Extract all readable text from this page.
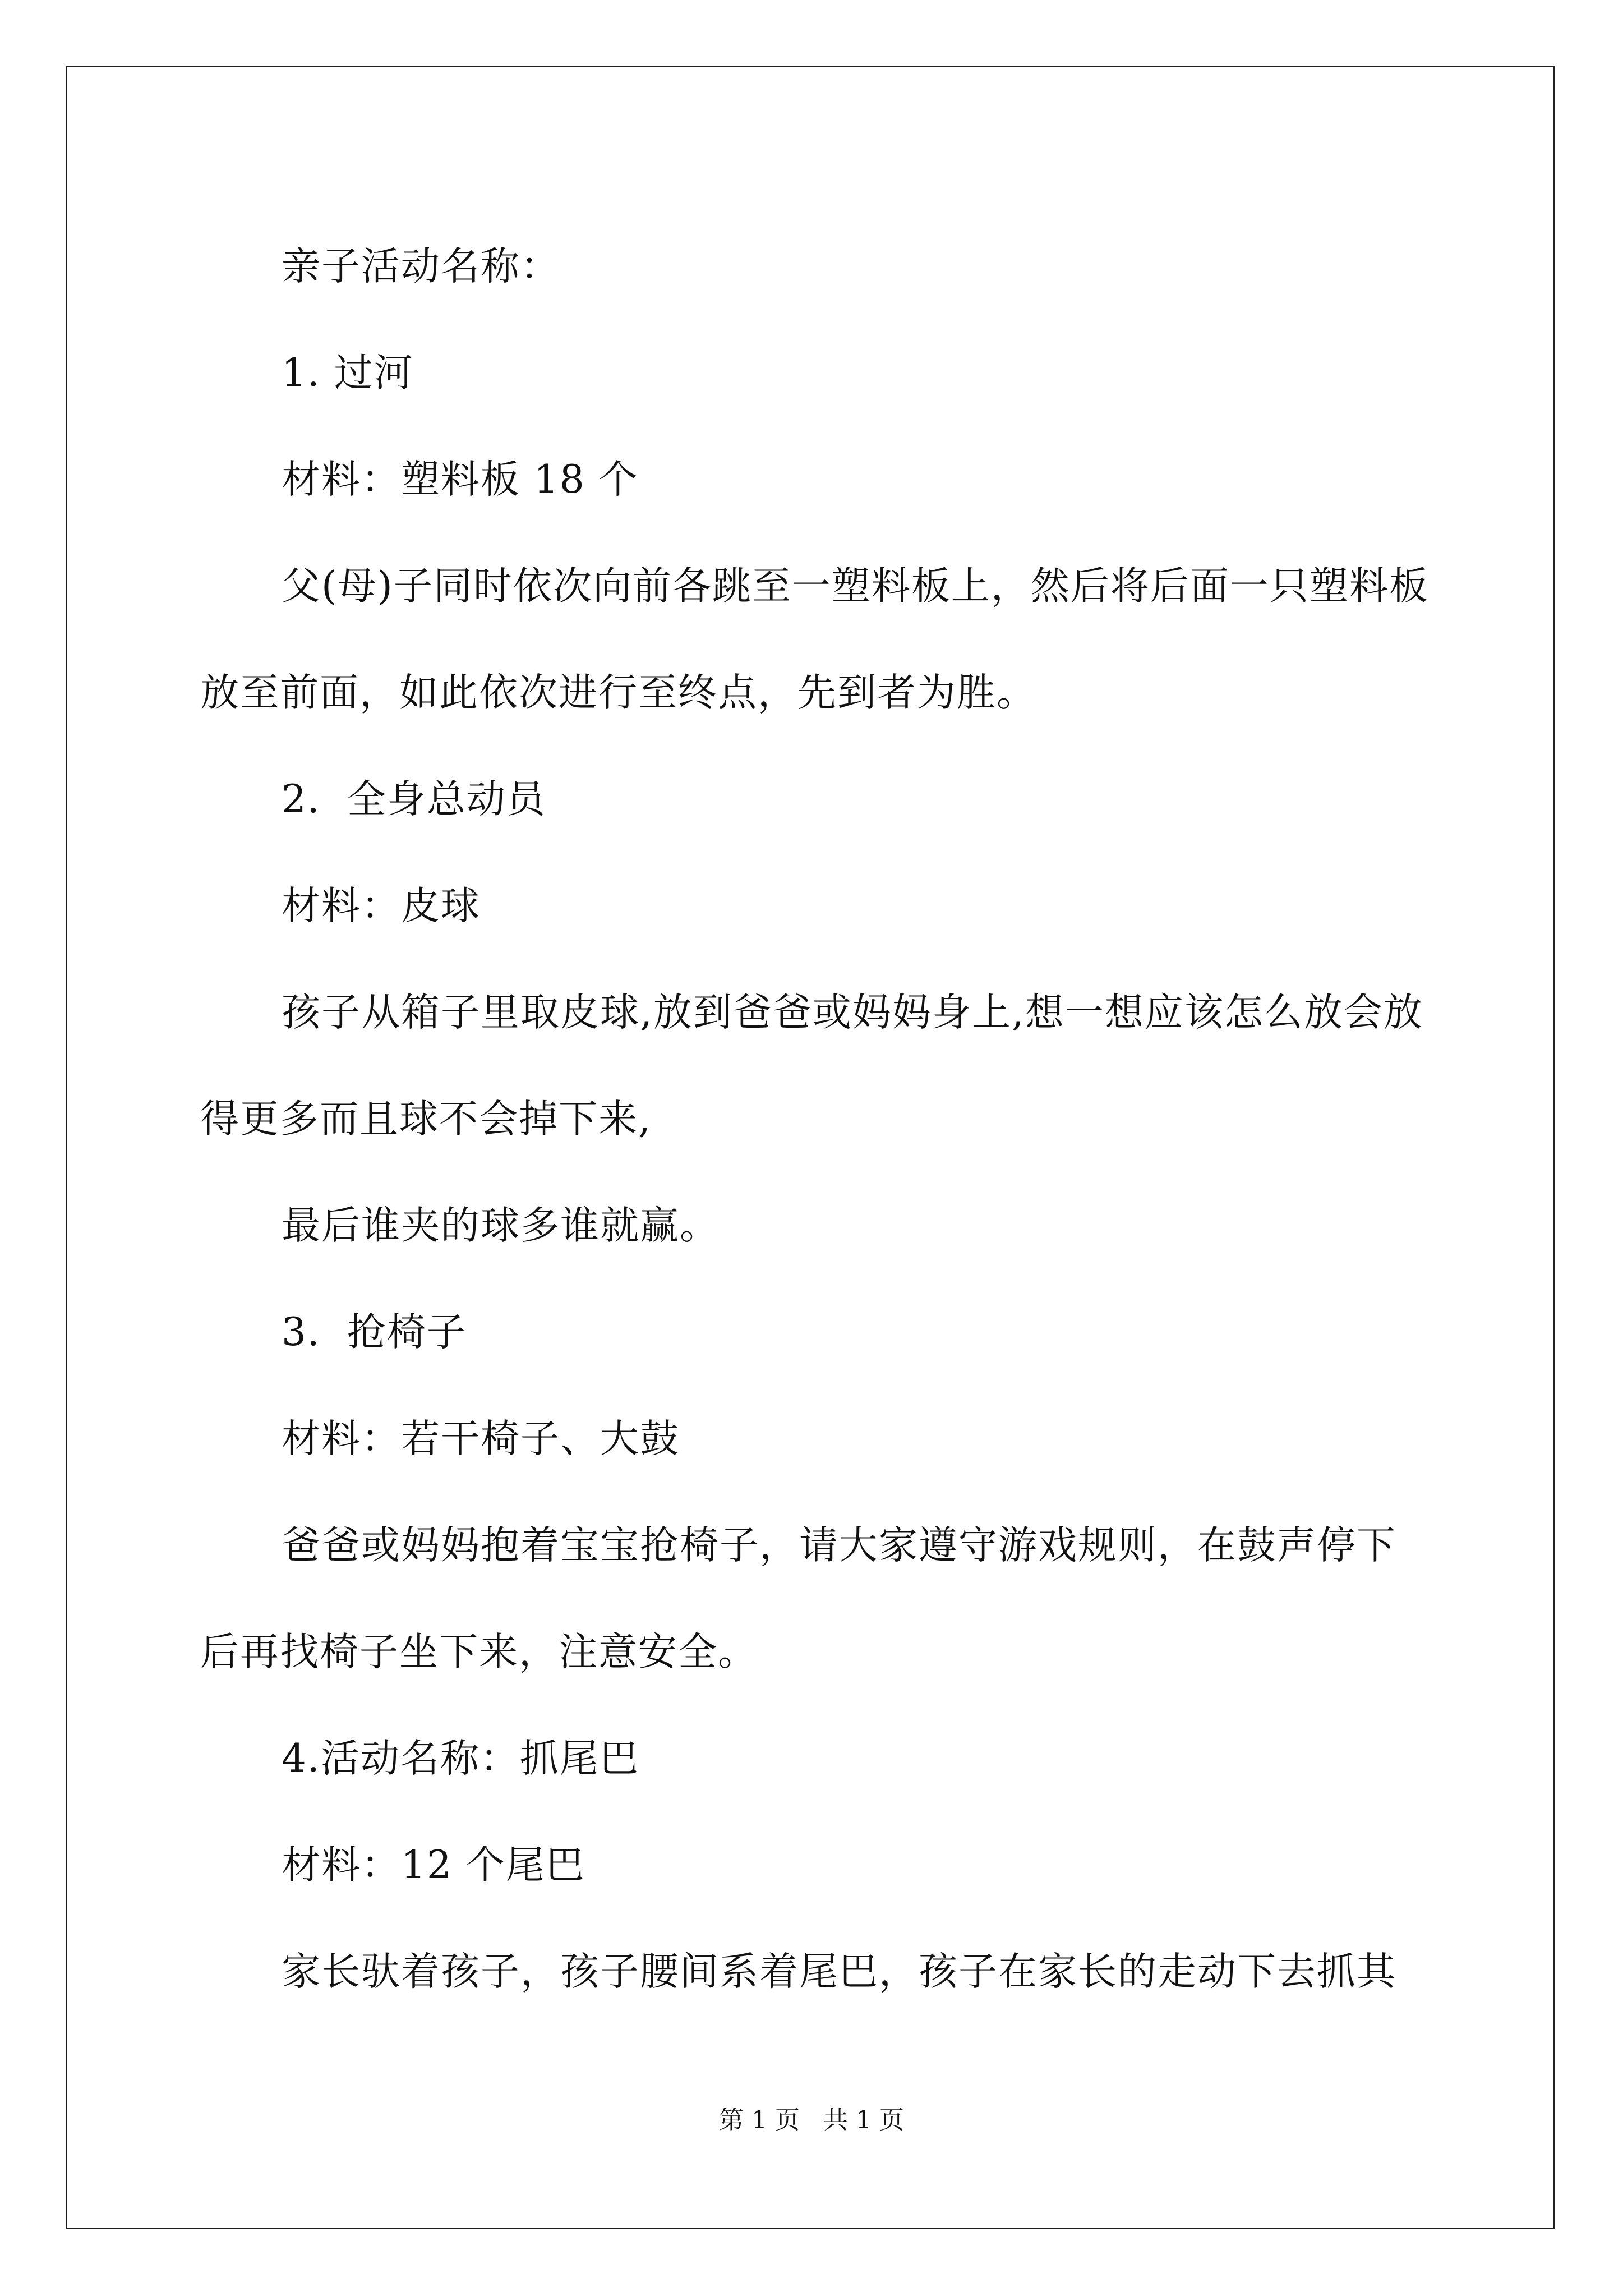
亲子活动名称：

1. 过河

材料：塑料板 18 个

父(母)子同时依次向前各跳至一塑料板上，然后将后面一只塑料板放至前面，如此依次进行至终点，先到者为胜。

2．全身总动员

材料：皮球

孩子从箱子里取皮球,放到爸爸或妈妈身上,想一想应该怎么放会放得更多而且球不会掉下来,

最后谁夹的球多谁就赢。

3．抢椅子

材料：若干椅子、大鼓

爸爸或妈妈抱着宝宝抢椅子，请大家遵守游戏规则，在鼓声停下后再找椅子坐下来，注意安全。

4.活动名称：抓尾巴

材料：12 个尾巴

家长驮着孩子，孩子腰间系着尾巴，孩子在家长的走动下去抓其

第 1 页 共 1 页
